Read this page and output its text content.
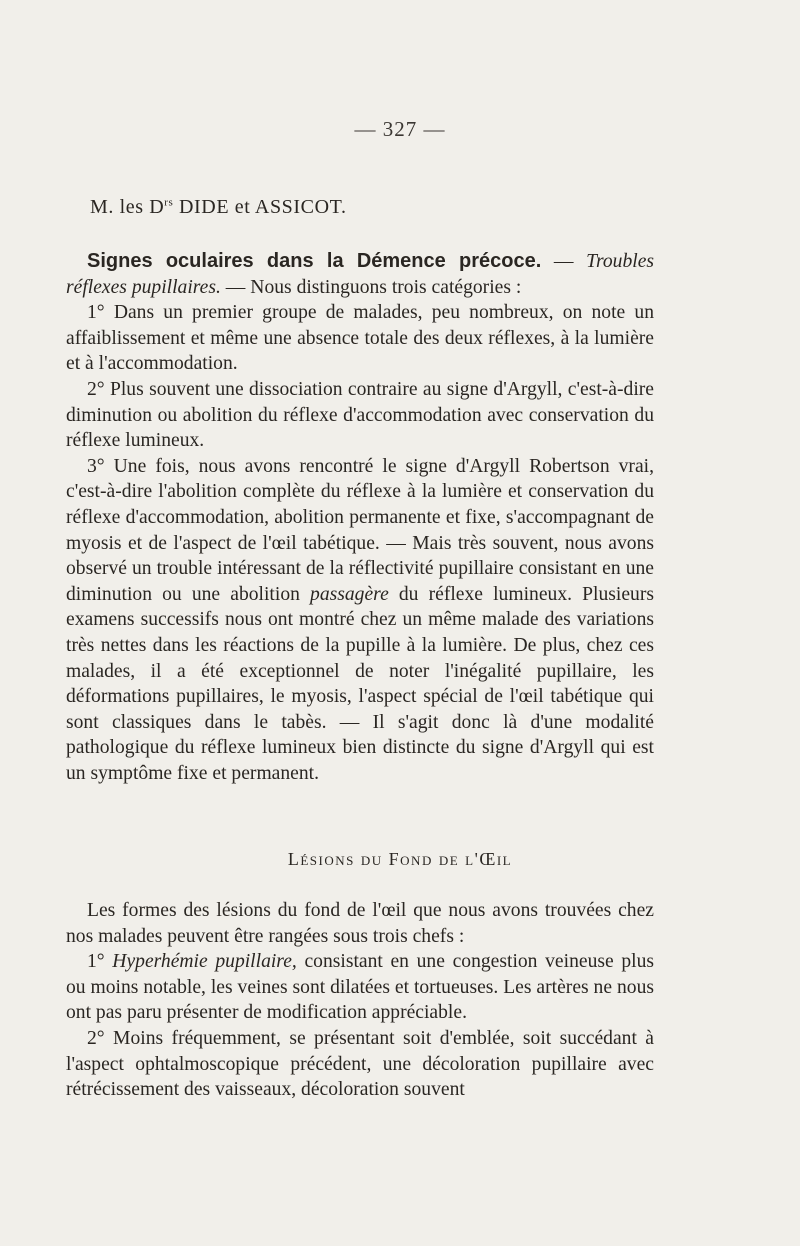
— 327 —
M. les $D^{rs}$ DIDE et ASSICOT.

Signes oculaires dans la Démence précoce. — Troubles réflexes pupillaires. — Nous distinguons trois catégories :

1° Dans un premier groupe de malades, peu nombreux, on note un affaiblissement et même une absence totale des deux réflexes, à la lumière et à l'accommodation.

2° Plus souvent une dissociation contraire au signe d'Argyll, c'est-à-dire diminution ou abolition du réflexe d'accommodation avec conservation du réflexe lumineux.

3° Une fois, nous avons rencontré le signe d'Argyll Robertson vrai, c'est-à-dire l'abolition complète du réflexe à la lumière et conservation du réflexe d'accommodation, abolition permanente et fixe, s'accompagnant de myosis et de l'aspect de l'œil tabétique. — Mais très souvent, nous avons observé un trouble intéressant de la réflectivité pupillaire consistant en une diminution ou une abolition passagère du réflexe lumineux. Plusieurs examens successifs nous ont montré chez un même malade des variations très nettes dans les réactions de la pupille à la lumière. De plus, chez ces malades, il a été exceptionnel de noter l'inégalité pupillaire, les déformations pupillaires, le myosis, l'aspect spécial de l'œil tabétique qui sont classiques dans le tabès. — Il s'agit donc là d'une modalité pathologique du réflexe lumineux bien distincte du signe d'Argyll qui est un symptôme fixe et permanent.

Lésions du Fond de l'Œil

Les formes des lésions du fond de l'œil que nous avons trouvées chez nos malades peuvent être rangées sous trois chefs :

1° Hyperhémie pupillaire, consistant en une congestion veineuse plus ou moins notable, les veines sont dilatées et tortueuses. Les artères ne nous ont pas paru présenter de modification appréciable.

2° Moins fréquemment, se présentant soit d'emblée, soit succédant à l'aspect ophtalmoscopique précédent, une décoloration pupillaire avec rétrécissement des vaisseaux, décoloration souvent
